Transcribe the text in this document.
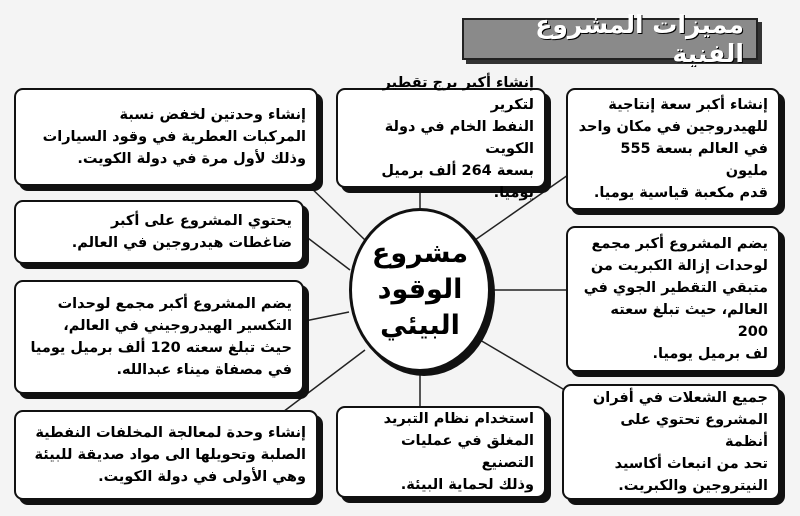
مميزات المشروع الفنية
إنشاء أكبر سعة إنتاجية
للهيدروجين في مكان واحد
في العالم بسعة 555 مليون
قدم مكعبة قياسية يوميا.
إنشاء أكبر برج تقطير لتكرير
النفط الخام في دولة الكويت
بسعة 264 ألف برميل يوميا.
إنشاء وحدتين لخفض نسبة
المركبات العطرية في وقود السيارات
وذلك لأول مرة في دولة الكويت.
يحتوي المشروع على أكبر
ضاغطات هيدروجين في العالم.	يضم المشروع أكبر مجمع
لوحدات إزالة الكبريت من
متبقي التقطير الجوي في
العالم، حيث تبلغ سعته 200
لف برميل يوميا.
يضم المشروع أكبر مجمع لوحدات
التكسير الهيدروجيني في العالم،
حيث تبلغ سعته 120 ألف برميل يوميا
في مصفاة ميناء عبدالله.
جميع الشعلات في أفران
المشروع تحتوي على أنظمة
تحد من انبعاث أكاسيد
النيتروجين والكبريت.
استخدام نظام التبريد
المغلق في عمليات التصنيع
وذلك لحماية البيئة.
إنشاء وحدة لمعالجة المخلفات النفطية
الصلبة وتحويلها الى مواد صديقة للبيئة
وهي الأولى في دولة الكويت.
مشروع
الوقود
البيئي
